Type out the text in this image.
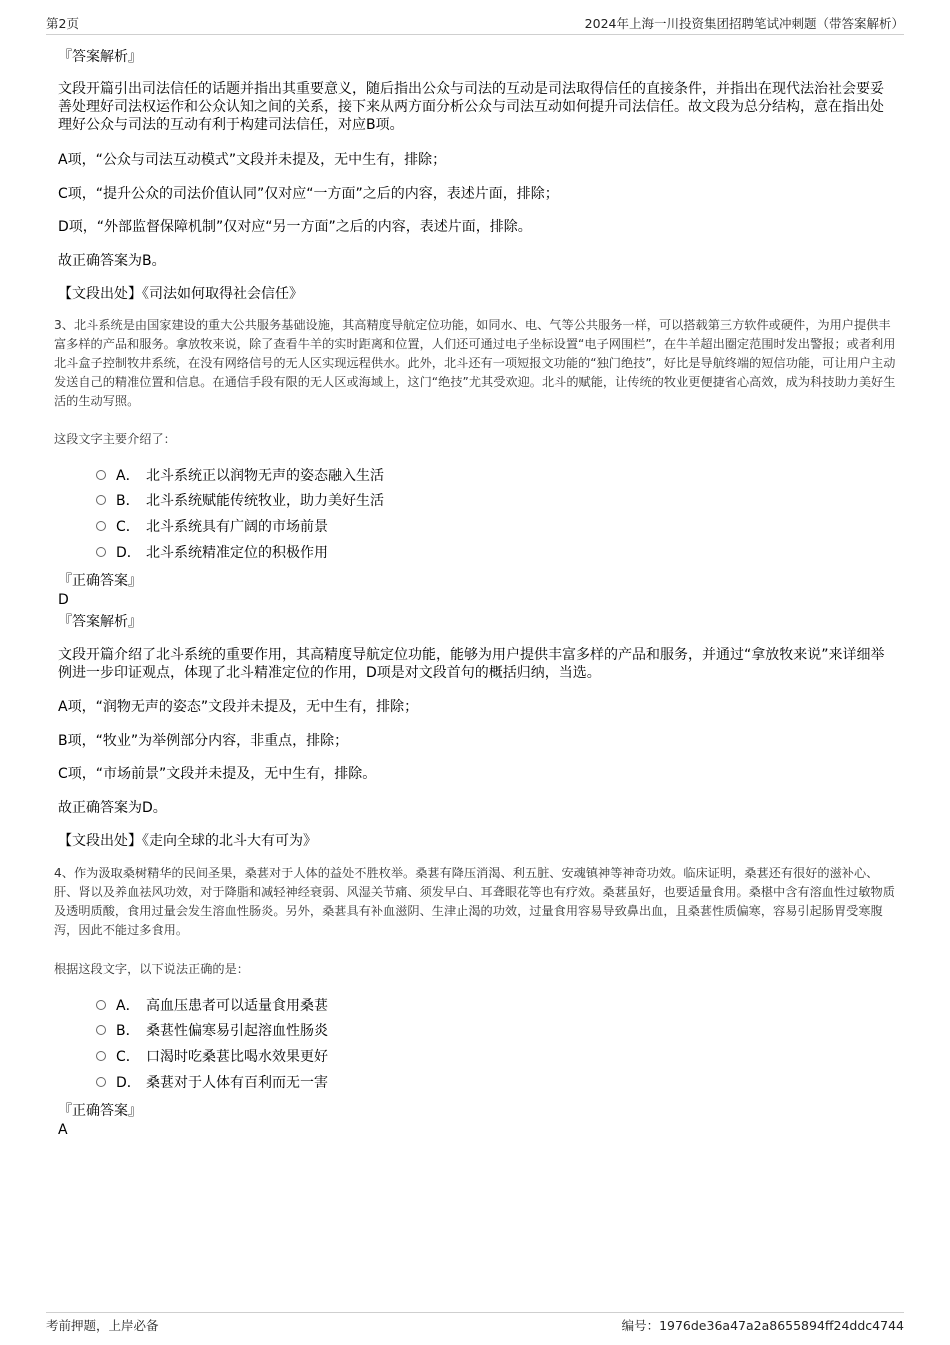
第2页	2024年上海一川投资集团招聘笔试冲刺题（带答案解析）
『答案解析』
文段开篇引出司法信任的话题并指出其重要意义，随后指出公众与司法的互动是司法取得信任的直接条件，并指出在现代法治社会要妥善处理好司法权运作和公众认知之间的关系，接下来从两方面分析公众与司法互动如何提升司法信任。故文段为总分结构，意在指出处理好公众与司法的互动有利于构建司法信任，对应B项。
A项，“公众与司法互动模式”文段并未提及，无中生有，排除；
C项，“提升公众的司法价值认同”仅对应“一方面”之后的内容，表述片面，排除；
D项，“外部监督保障机制”仅对应“另一方面”之后的内容，表述片面，排除。
故正确答案为B。
【文段出处】《司法如何取得社会信任》
3、北斗系统是由国家建设的重大公共服务基础设施，其高精度导航定位功能，如同水、电、气等公共服务一样，可以搭载第三方软件或硬件，为用户提供丰富多样的产品和服务。拿放牧来说，除了查看牛羊的实时距离和位置，人们还可通过电子坐标设置“电子网围栏”，在牛羊超出圈定范围时发出警报；或者利用北斗盒子控制牧井系统，在没有网络信号的无人区实现远程供水。此外，北斗还有一项短报文功能的“独门绝技”，好比是导航终端的短信功能，可让用户主动发送自己的精准位置和信息。在通信手段有限的无人区或海域上，这门“绝技”尤其受欢迎。北斗的赋能，让传统的牧业更便捷省心高效，成为科技助力美好生活的生动写照。
这段文字主要介绍了：
A． 北斗系统正以润物无声的姿态融入生活
B． 北斗系统赋能传统牧业，助力美好生活
C． 北斗系统具有广阔的市场前景
D． 北斗系统精准定位的积极作用
『正确答案』
D
『答案解析』
文段开篇介绍了北斗系统的重要作用，其高精度导航定位功能，能够为用户提供丰富多样的产品和服务，并通过“拿放牧来说”来详细举例进一步印证观点，体现了北斗精准定位的作用，D项是对文段首句的概括归纳，当选。
A项，“润物无声的姿态”文段并未提及，无中生有，排除；
B项，“牧业”为举例部分内容，非重点，排除；
C项，“市场前景”文段并未提及，无中生有，排除。
故正确答案为D。
【文段出处】《走向全球的北斗大有可为》
4、作为汲取桑树精华的民间圣果，桑葚对于人体的益处不胜枚举。桑葚有降压消渴、利五脏、安魂镇神等神奇功效。临床证明，桑葚还有很好的滋补心、肝、肾以及养血祛风功效，对于降脂和减轻神经衰弱、风湿关节痛、须发早白、耳聋眼花等也有疗效。桑葚虽好，也要适量食用。桑椹中含有溶血性过敏物质及透明质酸，食用过量会发生溶血性肠炎。另外，桑葚具有补血滋阴、生津止渴的功效，过量食用容易导致鼻出血，且桑葚性质偏寒，容易引起肠胃受寒腹泻，因此不能过多食用。
根据这段文字，以下说法正确的是：
A． 高血压患者可以适量食用桑葚
B． 桑葚性偏寒易引起溶血性肠炎
C． 口渴时吃桑葚比喝水效果更好
D． 桑葚对于人体有百利而无一害
『正确答案』
A
考前押题，上岸必备	编号：1976de36a47a2a8655894ff24ddc4744
